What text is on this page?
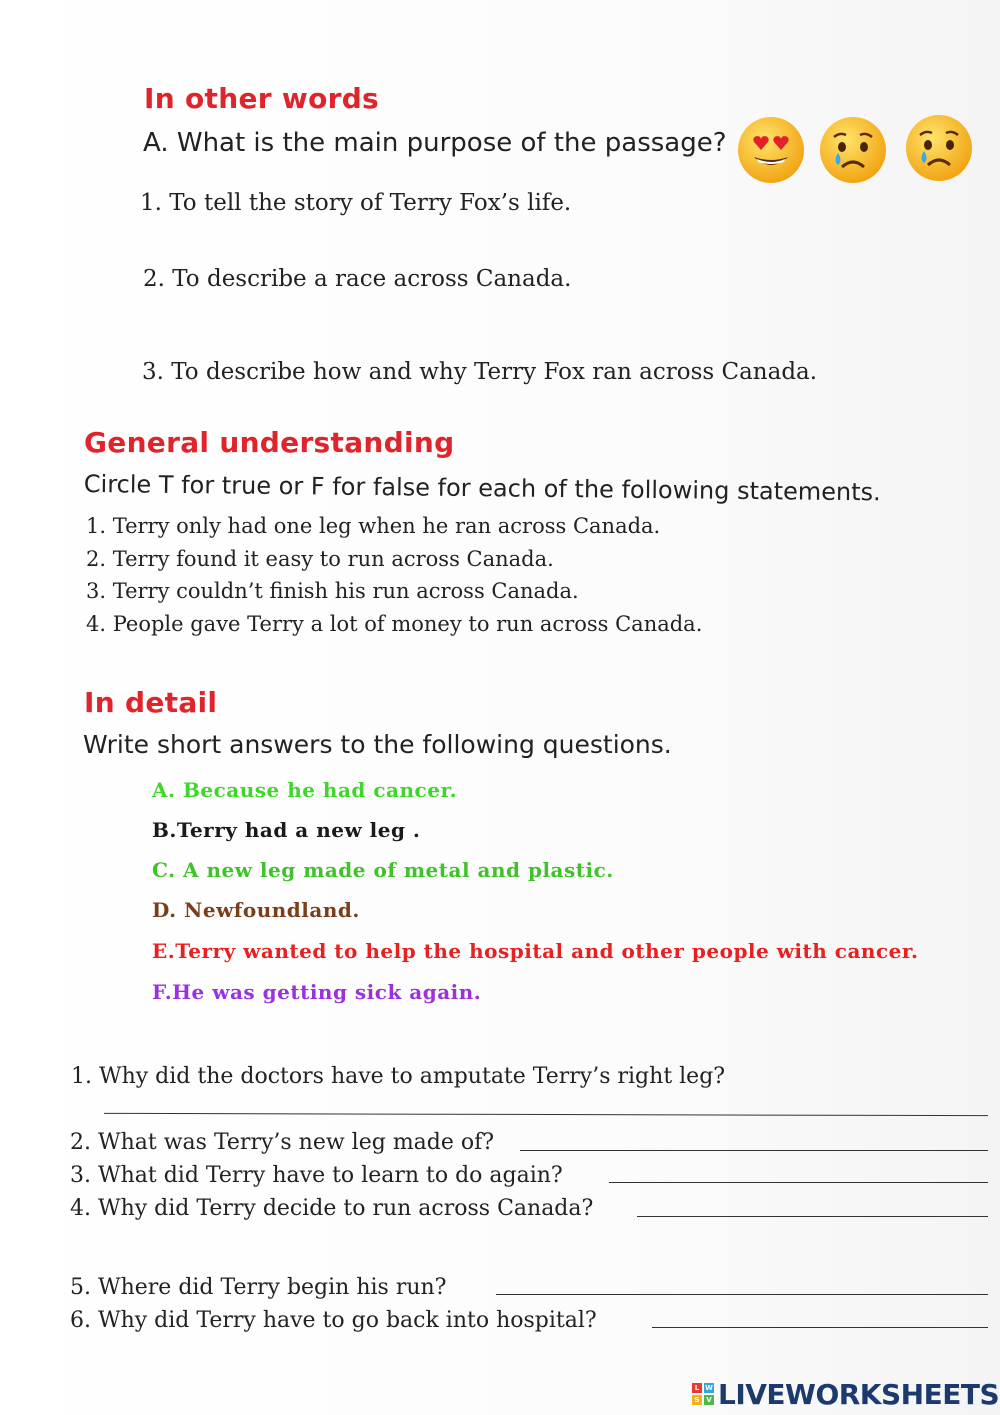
In other words
A. What is the main purpose of the passage?
1. To tell the story of Terry Fox’s life.
2. To describe a race across Canada.
3. To describe how and why Terry Fox ran across Canada.
General understanding
Circle T for true or F for false for each of the following statements.
1. Terry only had one leg when he ran across Canada.
2. Terry found it easy to run across Canada.
3. Terry couldn’t finish his run across Canada.
4. People gave Terry a lot of money to run across Canada.
In detail
Write short answers to the following questions.
A. Because he had cancer.
B.Terry had a new leg .
C. A new leg made of metal and plastic.
D. Newfoundland.
E.Terry wanted to help the hospital and other people with cancer.
F.He was getting sick again.
1. Why did the doctors have to amputate Terry’s right leg?
2. What was Terry’s new leg made of?
3. What did Terry have to learn to do again?
4. Why did Terry decide to run across Canada?
5. Where did Terry begin his run?
6. Why did Terry have to go back into hospital?
L W
S V LIVEWORKSHEETS
